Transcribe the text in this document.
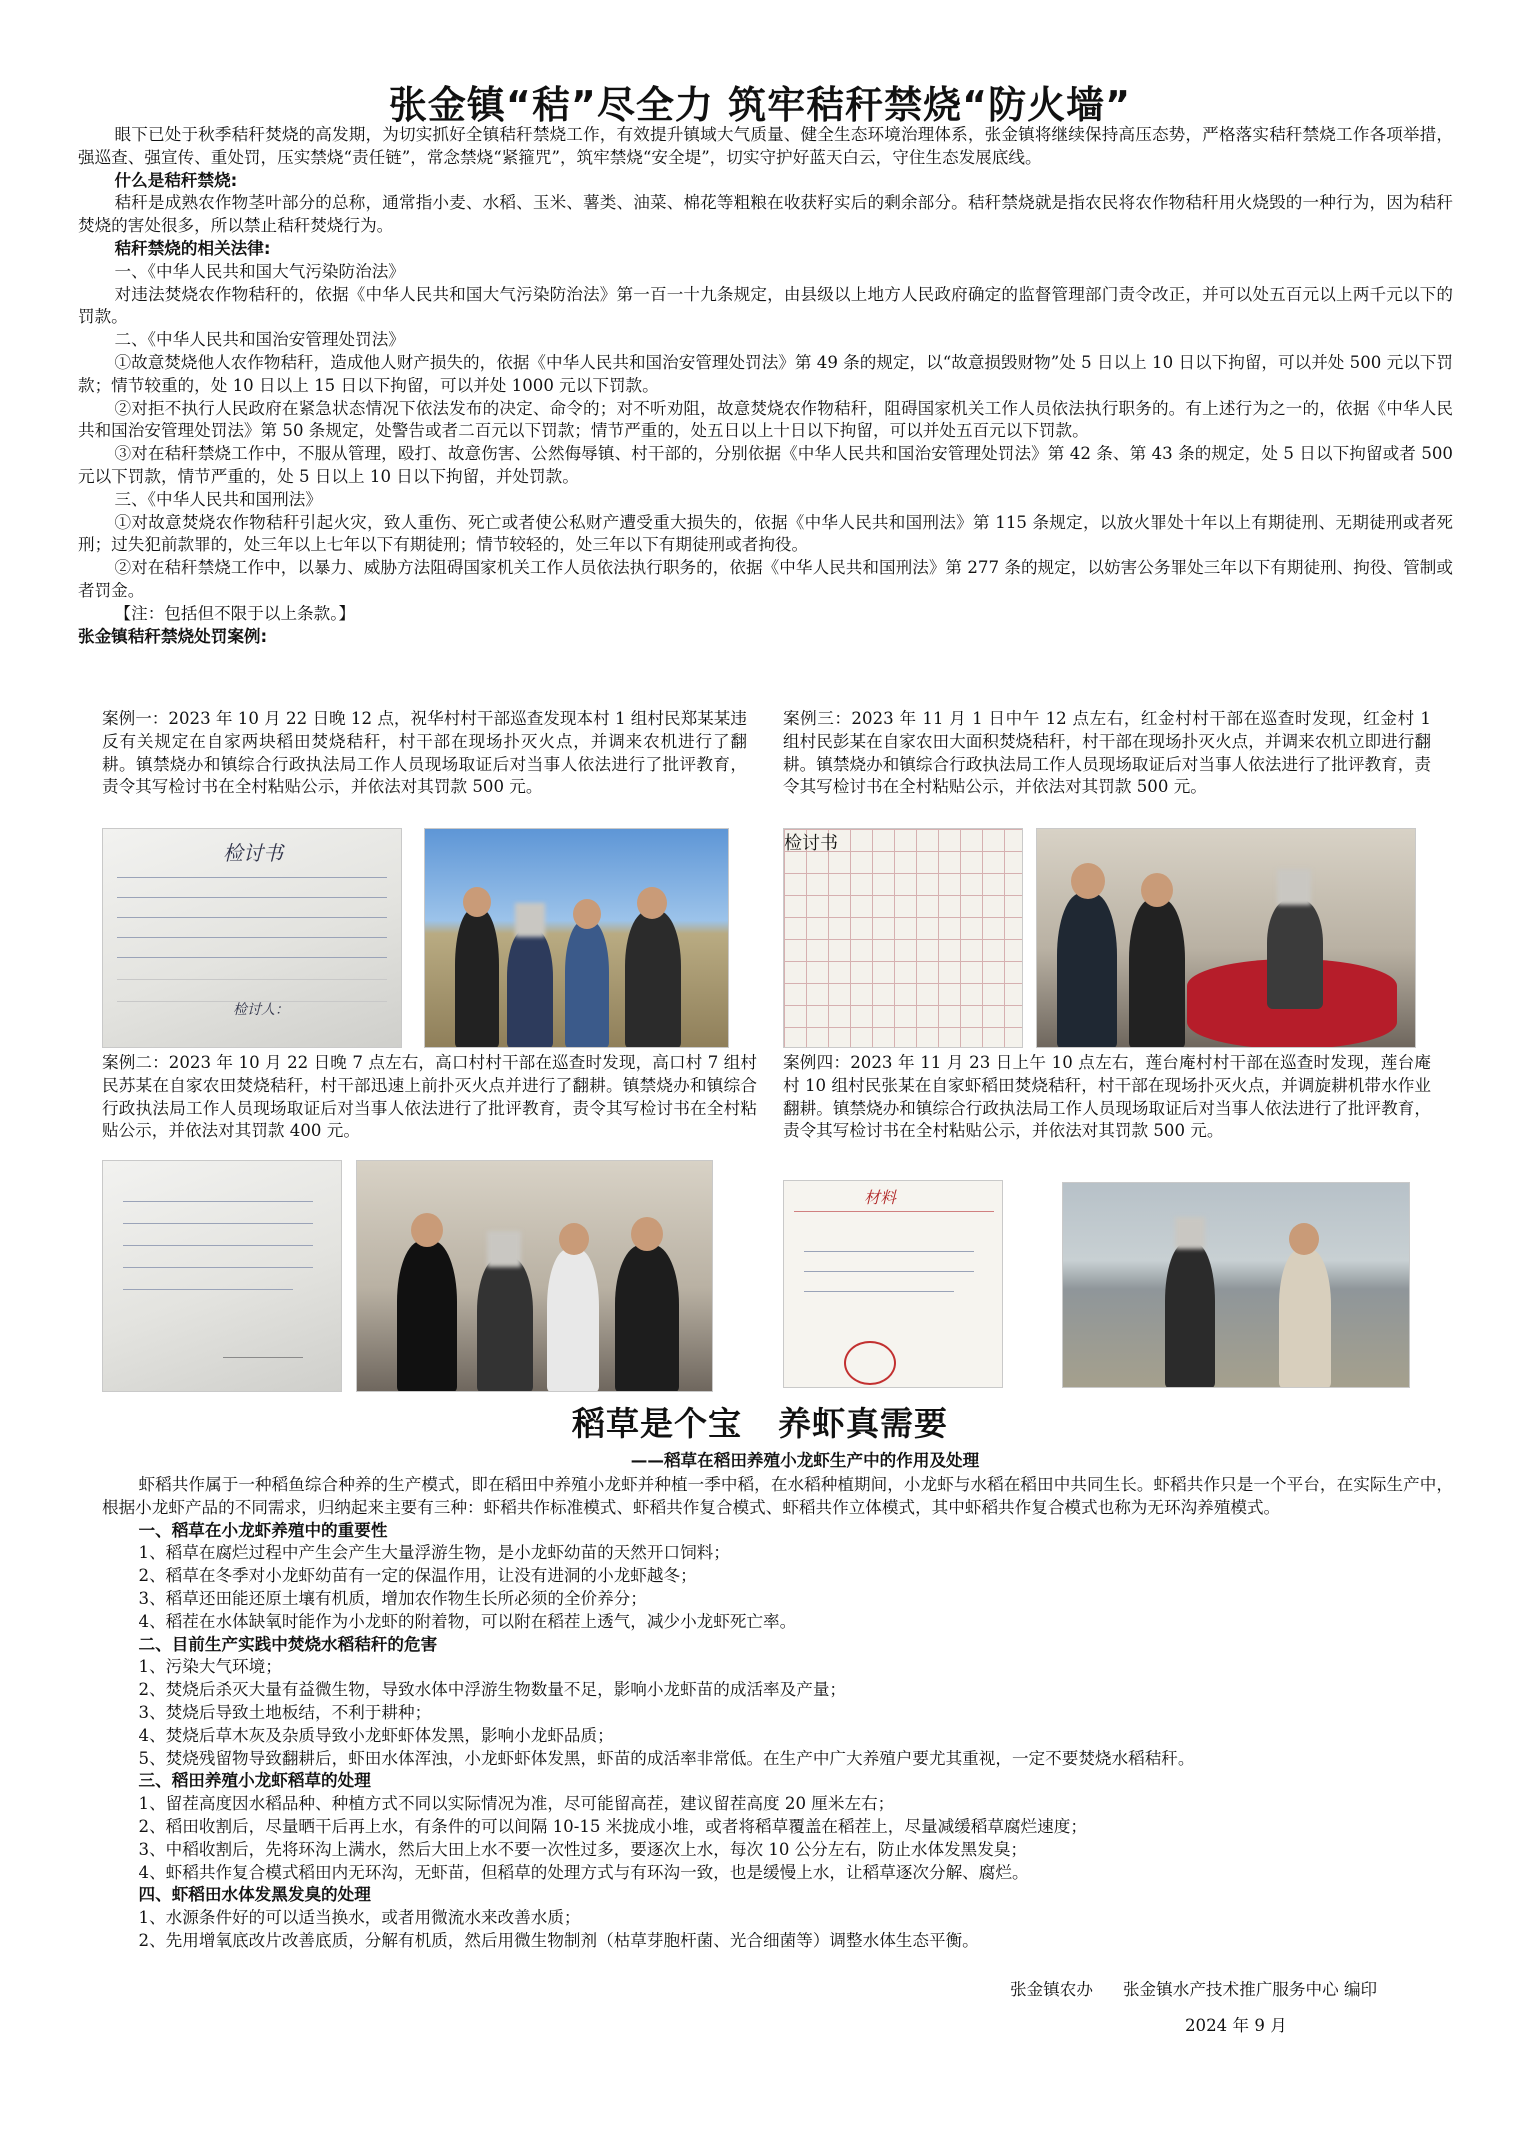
张金镇“秸”尽全力 筑牢秸秆禁烧“防火墙”

眼下已处于秋季秸秆焚烧的高发期，为切实抓好全镇秸秆禁烧工作，有效提升镇域大气质量、健全生态环境治理体系，张金镇将继续保持高压态势，严格落实秸秆禁烧工作各项举措，强巡查、强宣传、重处罚，压实禁烧“责任链”，常念禁烧“紧箍咒”，筑牢禁烧“安全堤”，切实守护好蓝天白云，守住生态发展底线。

什么是秸秆禁烧:

秸秆是成熟农作物茎叶部分的总称，通常指小麦、水稻、玉米、薯类、油菜、棉花等粗粮在收获籽实后的剩余部分。秸秆禁烧就是指农民将农作物秸秆用火烧毁的一种行为，因为秸秆焚烧的害处很多，所以禁止秸秆焚烧行为。

秸秆禁烧的相关法律:

一、《中华人民共和国大气污染防治法》

对违法焚烧农作物秸秆的，依据《中华人民共和国大气污染防治法》第一百一十九条规定，由县级以上地方人民政府确定的监督管理部门责令改正，并可以处五百元以上两千元以下的罚款。

二、《中华人民共和国治安管理处罚法》

①故意焚烧他人农作物秸秆，造成他人财产损失的，依据《中华人民共和国治安管理处罚法》第 49 条的规定，以“故意损毁财物”处 5 日以上 10 日以下拘留，可以并处 500 元以下罚款；情节较重的，处 10 日以上 15 日以下拘留，可以并处 1000 元以下罚款。

②对拒不执行人民政府在紧急状态情况下依法发布的决定、命令的；对不听劝阻，故意焚烧农作物秸秆，阻碍国家机关工作人员依法执行职务的。有上述行为之一的，依据《中华人民共和国治安管理处罚法》第 50 条规定，处警告或者二百元以下罚款；情节严重的，处五日以上十日以下拘留，可以并处五百元以下罚款。

③对在秸秆禁烧工作中，不服从管理，殴打、故意伤害、公然侮辱镇、村干部的，分别依据《中华人民共和国治安管理处罚法》第 42 条、第 43 条的规定，处 5 日以下拘留或者 500 元以下罚款，情节严重的，处 5 日以上 10 日以下拘留，并处罚款。

三、《中华人民共和国刑法》

①对故意焚烧农作物秸秆引起火灾，致人重伤、死亡或者使公私财产遭受重大损失的，依据《中华人民共和国刑法》第 115 条规定，以放火罪处十年以上有期徒刑、无期徒刑或者死刑；过失犯前款罪的，处三年以上七年以下有期徒刑；情节较轻的，处三年以下有期徒刑或者拘役。

②对在秸秆禁烧工作中，以暴力、威胁方法阻碍国家机关工作人员依法执行职务的，依据《中华人民共和国刑法》第 277 条的规定，以妨害公务罪处三年以下有期徒刑、拘役、管制或者罚金。

【注：包括但不限于以上条款。】

张金镇秸秆禁烧处罚案例:

案例一：2023 年 10 月 22 日晚 12 点，祝华村村干部巡查发现本村 1 组村民郑某某违反有关规定在自家两块稻田焚烧秸秆，村干部在现场扑灭火点，并调来农机进行了翻耕。镇禁烧办和镇综合行政执法局工作人员现场取证后对当事人依法进行了批评教育，责令其写检讨书在全村粘贴公示，并依法对其罚款 500 元。

案例二：2023 年 10 月 22 日晚 7 点左右，高口村村干部在巡查时发现，高口村 7 组村民苏某在自家农田焚烧秸秆，村干部迅速上前扑灭火点并进行了翻耕。镇禁烧办和镇综合行政执法局工作人员现场取证后对当事人依法进行了批评教育，责令其写检讨书在全村粘贴公示，并依法对其罚款 400 元。

案例三：2023 年 11 月 1 日中午 12 点左右，红金村村干部在巡查时发现，红金村 1 组村民彭某在自家农田大面积焚烧秸秆，村干部在现场扑灭火点，并调来农机立即进行翻耕。镇禁烧办和镇综合行政执法局工作人员现场取证后对当事人依法进行了批评教育，责令其写检讨书在全村粘贴公示，并依法对其罚款 500 元。

案例四：2023 年 11 月 23 日上午 10 点左右，莲台庵村村干部在巡查时发现，莲台庵村 10 组村民张某在自家虾稻田焚烧秸秆，村干部在现场扑灭火点，并调旋耕机带水作业翻耕。镇禁烧办和镇综合行政执法局工作人员现场取证后对当事人依法进行了批评教育，责令其写检讨书在全村粘贴公示，并依法对其罚款 500 元。

检讨书
检讨人：
检讨书
材料
稻草是个宝 养虾真需要
——稻草在稻田养殖小龙虾生产中的作用及处理

虾稻共作属于一种稻鱼综合种养的生产模式，即在稻田中养殖小龙虾并种植一季中稻，在水稻种植期间，小龙虾与水稻在稻田中共同生长。虾稻共作只是一个平台，在实际生产中，根据小龙虾产品的不同需求，归纳起来主要有三种：虾稻共作标准模式、虾稻共作复合模式、虾稻共作立体模式，其中虾稻共作复合模式也称为无环沟养殖模式。

一、稻草在小龙虾养殖中的重要性

1、稻草在腐烂过程中产生会产生大量浮游生物，是小龙虾幼苗的天然开口饲料；

2、稻草在冬季对小龙虾幼苗有一定的保温作用，让没有进洞的小龙虾越冬；

3、稻草还田能还原土壤有机质，增加农作物生长所必须的全价养分；

4、稻茬在水体缺氧时能作为小龙虾的附着物，可以附在稻茬上透气，减少小龙虾死亡率。

二、目前生产实践中焚烧水稻秸秆的危害

1、污染大气环境；

2、焚烧后杀灭大量有益微生物，导致水体中浮游生物数量不足，影响小龙虾苗的成活率及产量；

3、焚烧后导致土地板结，不利于耕种；

4、焚烧后草木灰及杂质导致小龙虾虾体发黑，影响小龙虾品质；

5、焚烧残留物导致翻耕后，虾田水体浑浊，小龙虾虾体发黑，虾苗的成活率非常低。在生产中广大养殖户要尤其重视，一定不要焚烧水稻秸秆。

三、稻田养殖小龙虾稻草的处理

1、留茬高度因水稻品种、种植方式不同以实际情况为准，尽可能留高茬，建议留茬高度 20 厘米左右；

2、稻田收割后，尽量晒干后再上水，有条件的可以间隔 10-15 米拢成小堆，或者将稻草覆盖在稻茬上，尽量减缓稻草腐烂速度；

3、中稻收割后，先将环沟上满水，然后大田上水不要一次性过多，要逐次上水，每次 10 公分左右，防止水体发黑发臭；

4、虾稻共作复合模式稻田内无环沟，无虾苗，但稻草的处理方式与有环沟一致，也是缓慢上水，让稻草逐次分解、腐烂。

四、虾稻田水体发黑发臭的处理

1、水源条件好的可以适当换水，或者用微流水来改善水质；

2、先用增氧底改片改善底质，分解有机质，然后用微生物制剂（枯草芽胞杆菌、光合细菌等）调整水体生态平衡。

张金镇农办 张金镇水产技术推广服务中心 编印
2024 年 9 月
